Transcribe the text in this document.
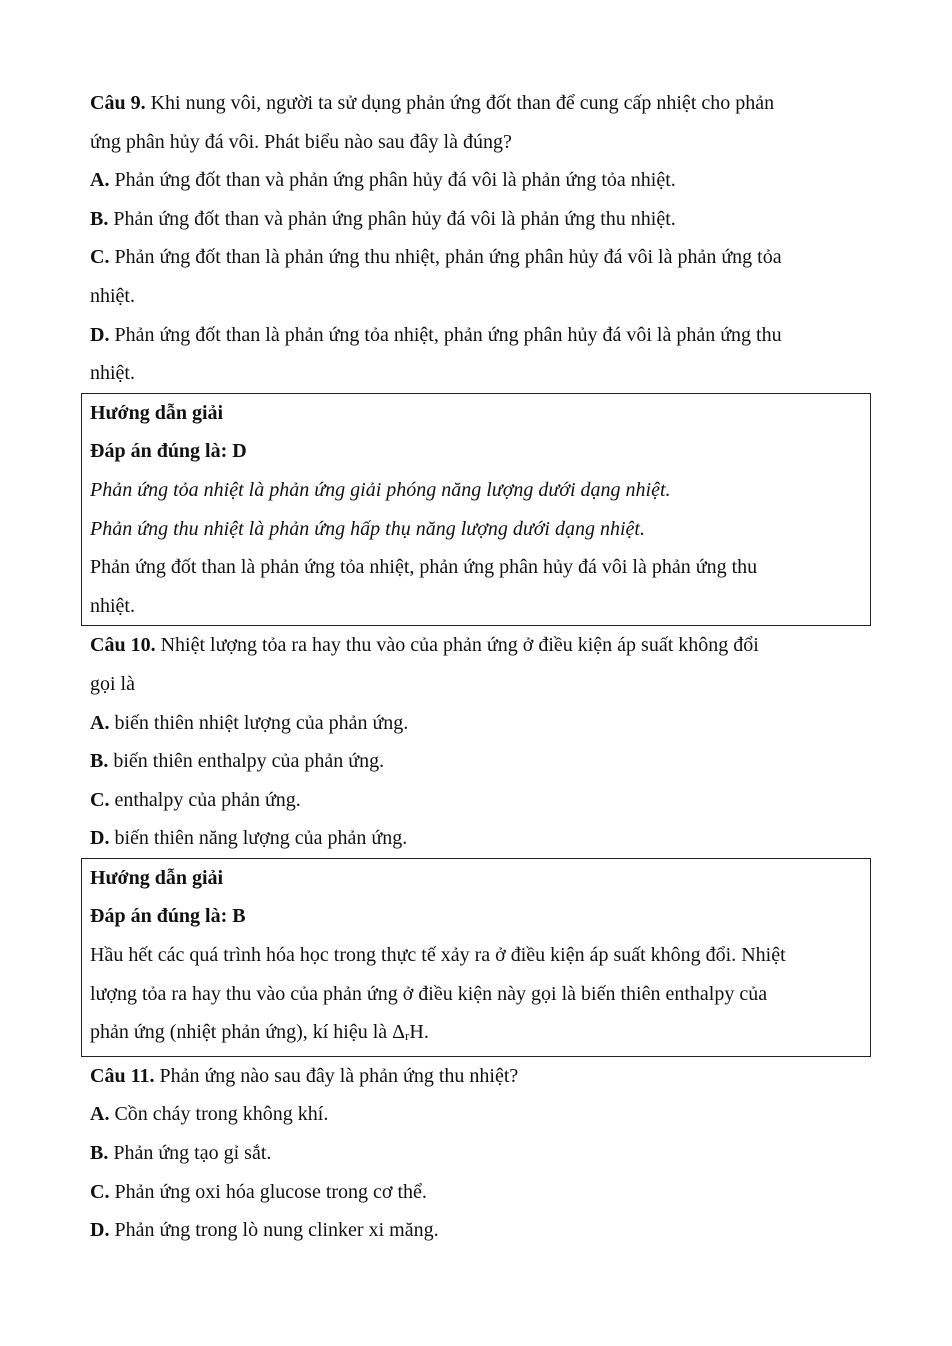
Câu 9. Khi nung vôi, người ta sử dụng phản ứng đốt than để cung cấp nhiệt cho phản

ứng phân hủy đá vôi. Phát biểu nào sau đây là đúng?

A. Phản ứng đốt than và phản ứng phân hủy đá vôi là phản ứng tỏa nhiệt.

B. Phản ứng đốt than và phản ứng phân hủy đá vôi là phản ứng thu nhiệt.

C. Phản ứng đốt than là phản ứng thu nhiệt, phản ứng phân hủy đá vôi là phản ứng tỏa

nhiệt.

D. Phản ứng đốt than là phản ứng tỏa nhiệt, phản ứng phân hủy đá vôi là phản ứng thu

nhiệt.

Hướng dẫn giải

Đáp án đúng là: D

Phản ứng tỏa nhiệt là phản ứng giải phóng năng lượng dưới dạng nhiệt.

Phản ứng thu nhiệt là phản ứng hấp thụ năng lượng dưới dạng nhiệt.

Phản ứng đốt than là phản ứng tỏa nhiệt, phản ứng phân hủy đá vôi là phản ứng thu

nhiệt.

Câu 10. Nhiệt lượng tỏa ra hay thu vào của phản ứng ở điều kiện áp suất không đổi

gọi là

A. biến thiên nhiệt lượng của phản ứng.

B. biến thiên enthalpy của phản ứng.

C. enthalpy của phản ứng.

D. biến thiên năng lượng của phản ứng.

Hướng dẫn giải

Đáp án đúng là: B

Hầu hết các quá trình hóa học trong thực tế xảy ra ở điều kiện áp suất không đổi. Nhiệt

lượng tỏa ra hay thu vào của phản ứng ở điều kiện này gọi là biến thiên enthalpy của

phản ứng (nhiệt phản ứng), kí hiệu là ΔrH.

Câu 11. Phản ứng nào sau đây là phản ứng thu nhiệt?

A. Cồn cháy trong không khí.

B. Phản ứng tạo gỉ sắt.

C. Phản ứng oxi hóa glucose trong cơ thể.

D. Phản ứng trong lò nung clinker xi măng.
